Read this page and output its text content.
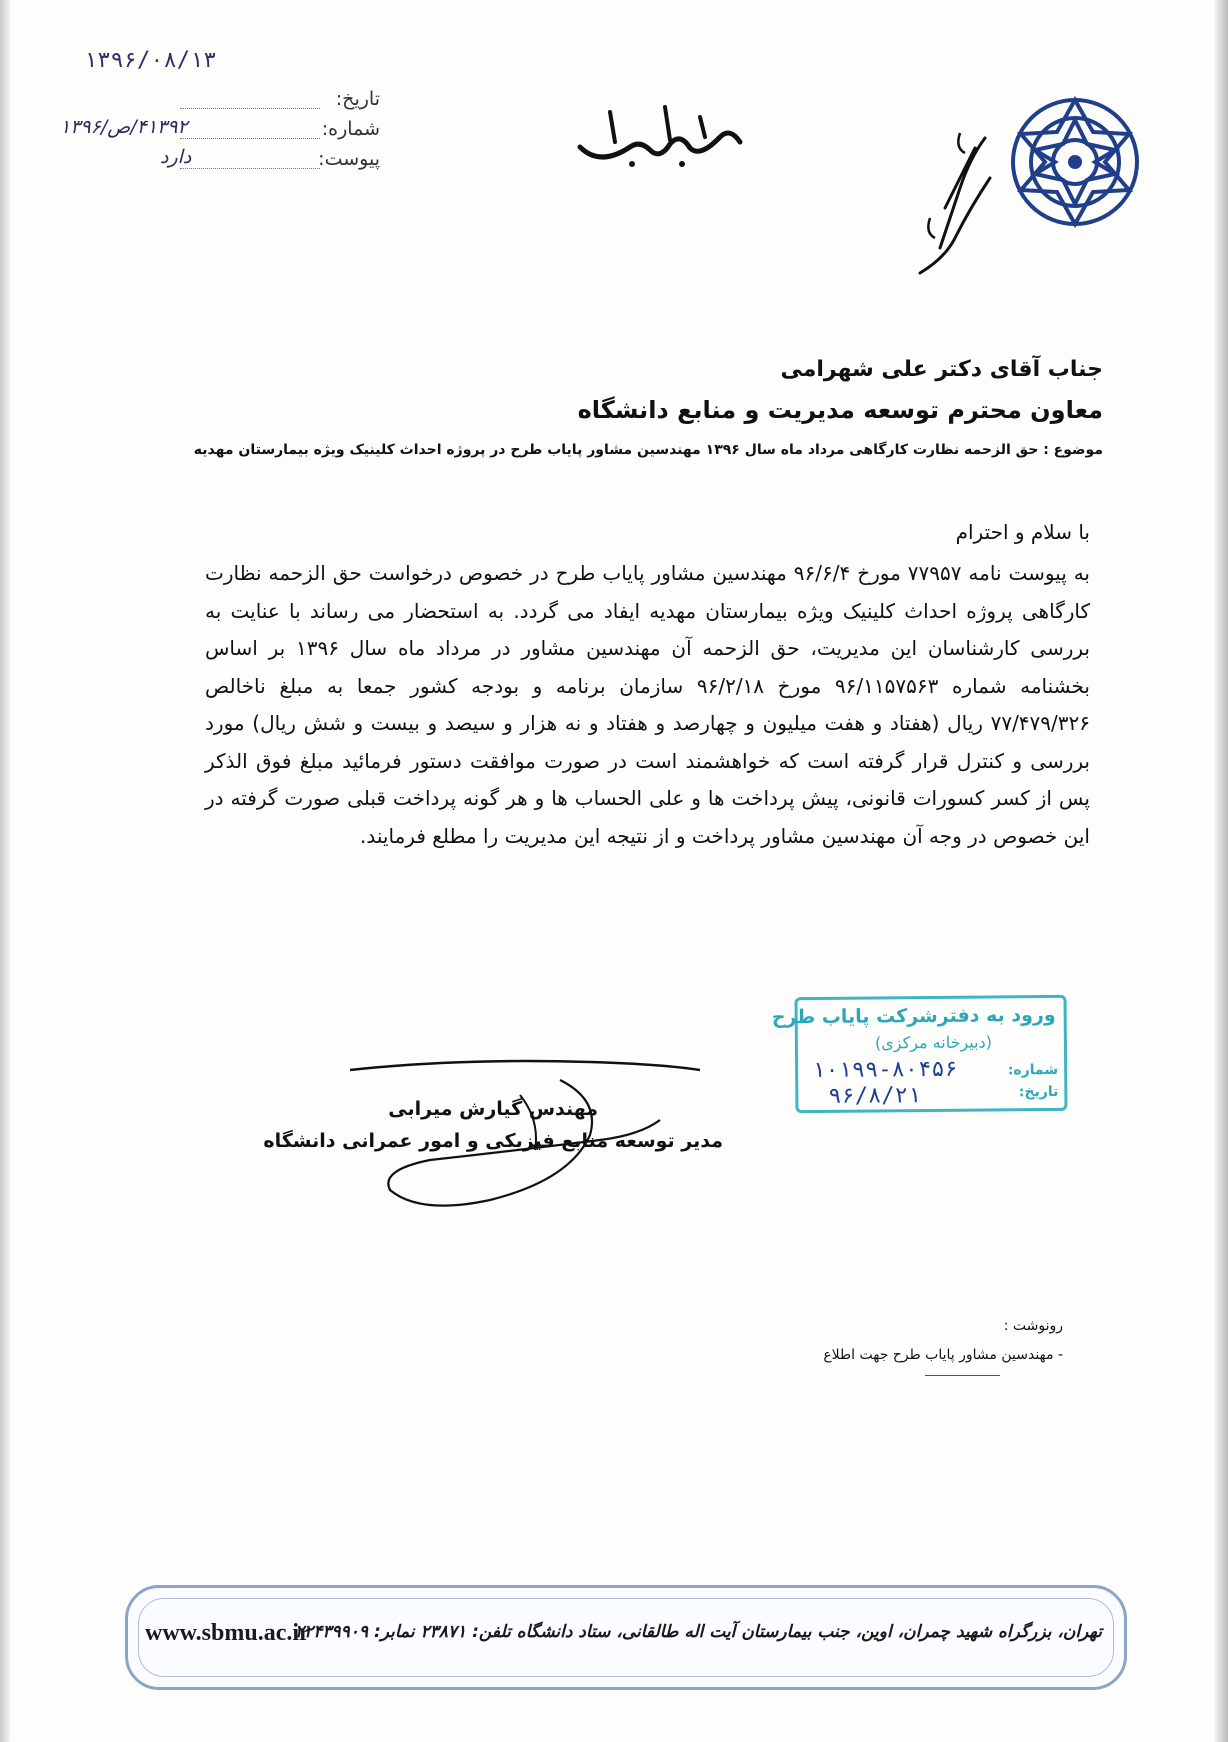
۱۳۹۶/۰۸/۱۳
تاریخ:
شماره:
۴۱۳۹۲/ص/۱۳۹۶
پیوست:
دارد
جناب آقای دکتر علی شهرامی
معاون محترم توسعه مدیریت و منابع دانشگاه
موضوع : حق الزحمه نظارت کارگاهی مرداد ماه سال ۱۳۹۶ مهندسین مشاور پایاب طرح در پروژه احداث کلینیک ویژه بیمارستان مهدیه
با سلام و احترام
به پیوست نامه ۷۷۹۵۷ مورخ ۹۶/۶/۴ مهندسین مشاور پایاب طرح در خصوص درخواست حق الزحمه نظارت کارگاهی پروژه احداث کلینیک ویژه بیمارستان مهدیه ایفاد می گردد. به استحضار می رساند با عنایت به بررسی کارشناسان این مدیریت، حق الزحمه آن مهندسین مشاور در مرداد ماه سال ۱۳۹۶ بر اساس بخشنامه شماره ۹۶/۱۱۵۷۵۶۳ مورخ ۹۶/۲/۱۸ سازمان برنامه و بودجه کشور جمعا به مبلغ ناخالص ۷۷/۴۷۹/۳۲۶ ریال (هفتاد و هفت میلیون و چهارصد و هفتاد و نه هزار و سیصد و بیست و شش ریال) مورد بررسی و کنترل قرار گرفته است که خواهشمند است در صورت موافقت دستور فرمائید مبلغ فوق الذکر پس از کسر کسورات قانونی، پیش پرداخت ها و علی الحساب ها و هر گونه پرداخت قبلی صورت گرفته در این خصوص در وجه آن مهندسین مشاور پرداخت و از نتیجه این مدیریت را مطلع فرمایند.
ورود به دفترشرکت پایاب طرح
(دبیرخانه مرکزی)
شماره:
تاریخ:
۱۰۱۹۹-۸۰۴۵۶
۹۶/۸/۲۱
مهندس گیارش میرابی
مدیر توسعه منابع فیزیکی و امور عمرانی دانشگاه
رونوشت :
- مهندسین مشاور پایاب طرح جهت اطلاع
www.sbmu.ac.ir
تهران، بزرگراه شهید چمران، اوین، جنب بیمارستان آیت اله طالقانی، ستاد دانشگاه تلفن: ۲۳۸۷۱ نمابر: ۲۲۴۳۹۹۰۹
